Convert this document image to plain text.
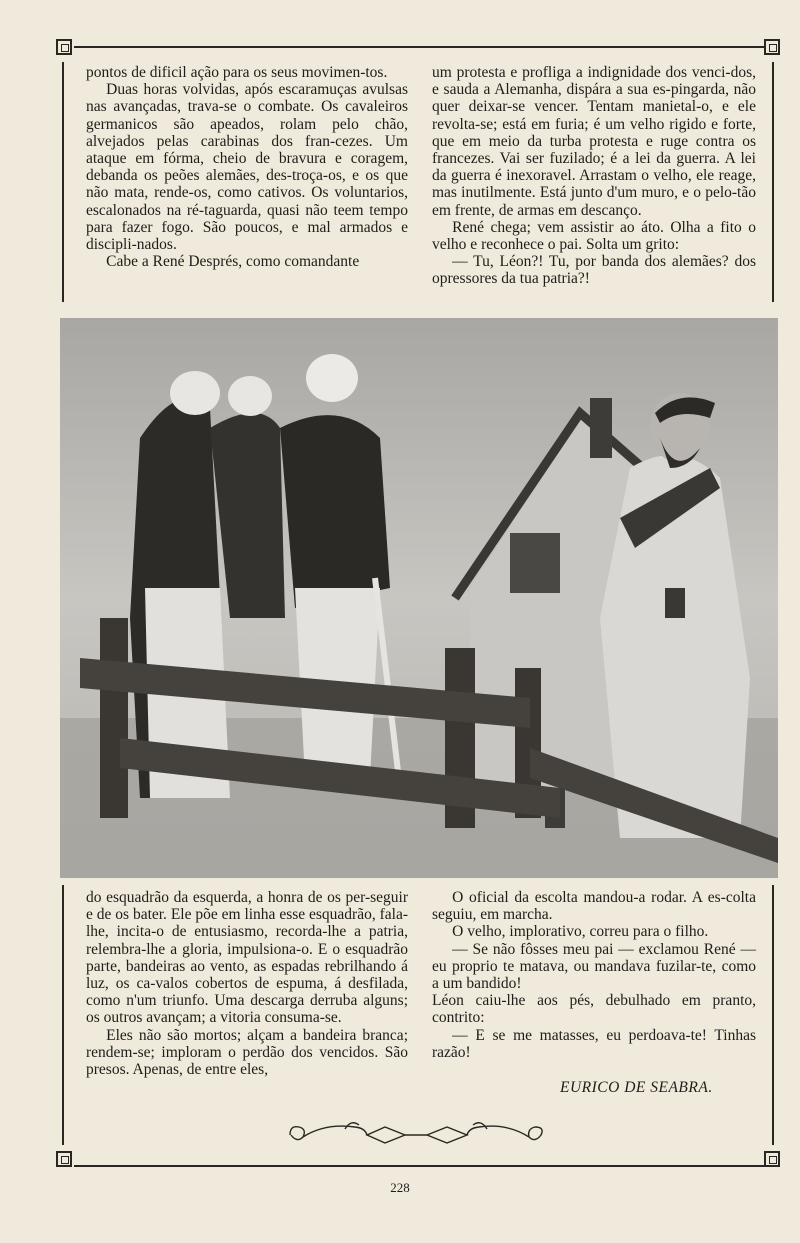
pontos de dificil ação para os seus movimen-tos.

Duas horas volvidas, após escaramuças avulsas nas avançadas, trava-se o combate. Os cavaleiros germanicos são apeados, rolam pelo chão, alvejados pelas carabinas dos fran-cezes. Um ataque em fórma, cheio de bravura e coragem, debanda os peões alemães, des-troça-os, e os que não mata, rende-os, como cativos. Os voluntarios, escalonados na ré-taguarda, quasi não teem tempo para fazer fogo. São poucos, e mal armados e discipli-nados.

Cabe a René Després, como comandante

um protesta e profliga a indignidade dos venci-dos, e sauda a Alemanha, dispára a sua es-pingarda, não quer deixar-se vencer. Tentam manietal-o, e ele revolta-se; está em furia; é um velho rigido e forte, que em meio da turba protesta e ruge contra os francezes. Vai ser fuzilado; é a lei da guerra. A lei da guerra é inexoravel. Arrastam o velho, ele reage, mas inutilmente. Está junto d'um muro, e o pelo-tão em frente, de armas em descanço.

René chega; vem assistir ao áto. Olha a fito o velho e reconhece o pai. Solta um grito:

— Tu, Léon?! Tu, por banda dos alemães? dos opressores da tua patria?!

do esquadrão da esquerda, a honra de os per-seguir e de os bater. Ele põe em linha esse esquadrão, fala-lhe, incita-o de entusiasmo, recorda-lhe a patria, relembra-lhe a gloria, impulsiona-o. E o esquadrão parte, bandeiras ao vento, as espadas rebrilhando á luz, os ca-valos cobertos de espuma, á desfilada, como n'um triunfo. Uma descarga derruba alguns; os outros avançam; a vitoria consuma-se.

Eles não são mortos; alçam a bandeira branca; rendem-se; imploram o perdão dos vencidos. São presos. Apenas, de entre eles,

O oficial da escolta mandou-a rodar. A es-colta seguiu, em marcha.

O velho, implorativo, correu para o filho.

— Se não fôsses meu pai — exclamou René — eu proprio te matava, ou mandava fuzilar-te, como a um bandido!

Léon caiu-lhe aos pés, debulhado em pranto, contrito:

— E se me matasses, eu perdoava-te! Tinhas razão!

EURICO DE SEABRA.
228
